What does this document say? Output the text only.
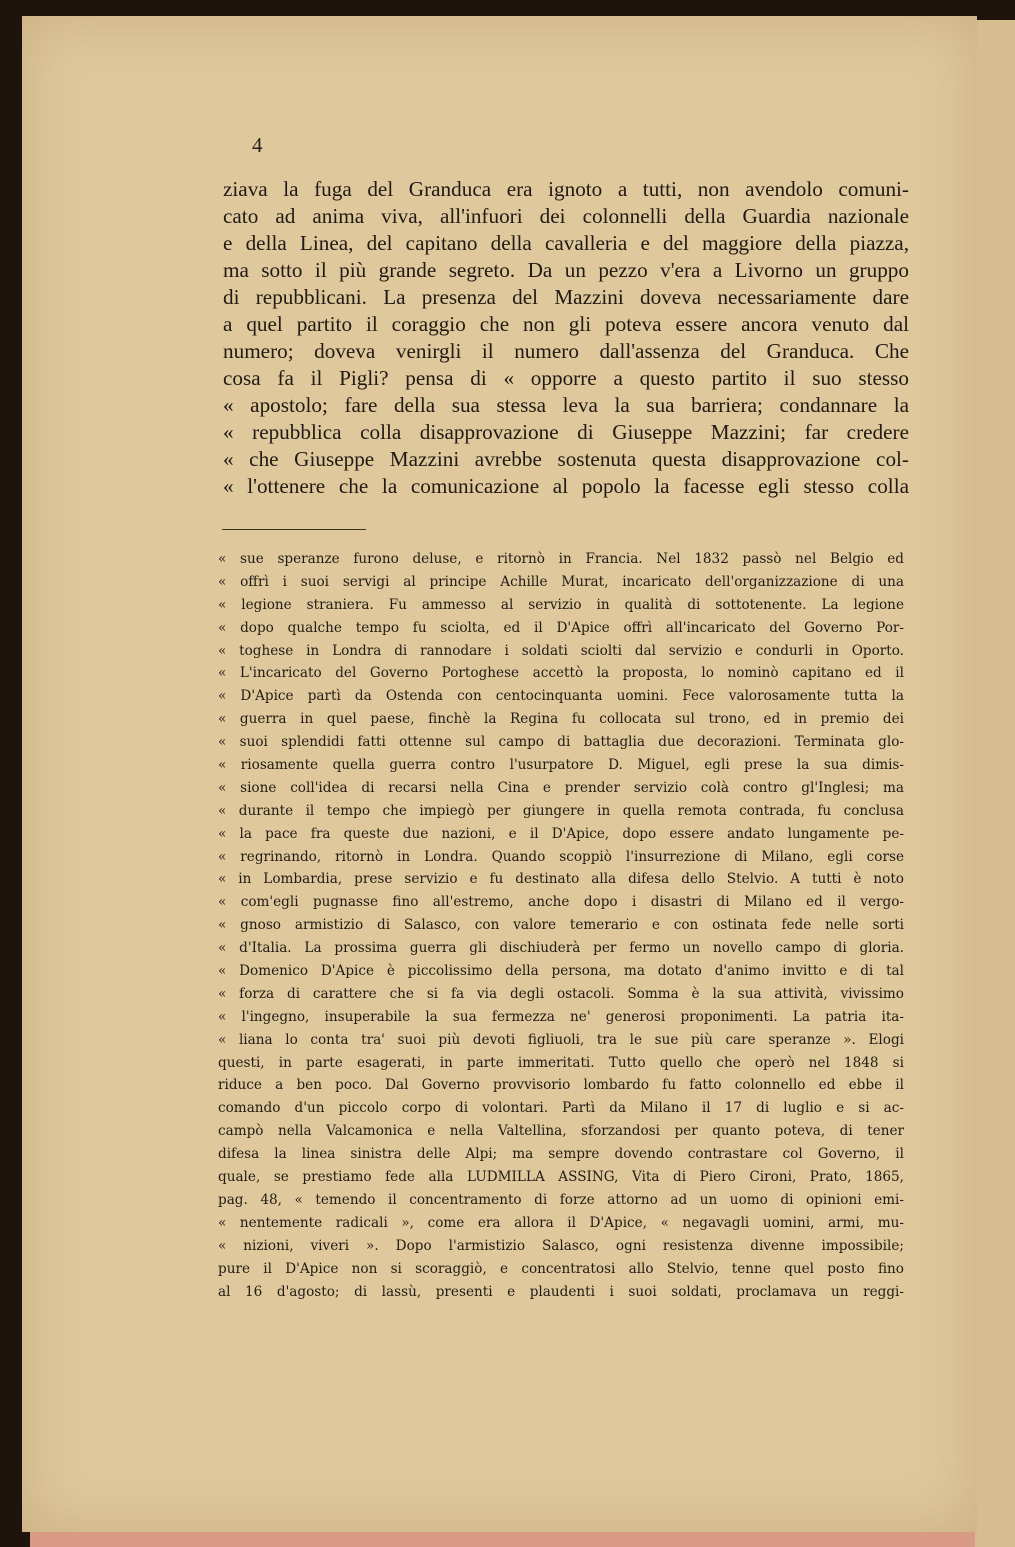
4
ziava la fuga del Granduca era ignoto a tutti, non avendolo comuni-
cato ad anima viva, all'infuori dei colonnelli della Guardia nazionale
e della Linea, del capitano della cavalleria e del maggiore della piazza,
ma sotto il più grande segreto. Da un pezzo v'era a Livorno un gruppo
di repubblicani. La presenza del Mazzini doveva necessariamente dare
a quel partito il coraggio che non gli poteva essere ancora venuto dal
numero; doveva venirgli il numero dall'assenza del Granduca. Che
cosa fa il Pigli? pensa di « opporre a questo partito il suo stesso
« apostolo; fare della sua stessa leva la sua barriera; condannare la
« repubblica colla disapprovazione di Giuseppe Mazzini; far credere
« che Giuseppe Mazzini avrebbe sostenuta questa disapprovazione col-
« l'ottenere che la comunicazione al popolo la facesse egli stesso colla
« sue speranze furono deluse, e ritornò in Francia. Nel 1832 passò nel Belgio ed
« offrì i suoi servigi al principe Achille Murat, incaricato dell'organizzazione di una
« legione straniera. Fu ammesso al servizio in qualità di sottotenente. La legione
« dopo qualche tempo fu sciolta, ed il D'Apice offrì all'incaricato del Governo Por-
« toghese in Londra di rannodare i soldati sciolti dal servizio e condurli in Oporto.
« L'incaricato del Governo Portoghese accettò la proposta, lo nominò capitano ed il
« D'Apice partì da Ostenda con centocinquanta uomini. Fece valorosamente tutta la
« guerra in quel paese, finchè la Regina fu collocata sul trono, ed in premio dei
« suoi splendidi fatti ottenne sul campo di battaglia due decorazioni. Terminata glo-
« riosamente quella guerra contro l'usurpatore D. Miguel, egli prese la sua dimis-
« sione coll'idea di recarsi nella Cina e prender servizio colà contro gl'Inglesi; ma
« durante il tempo che impiegò per giungere in quella remota contrada, fu conclusa
« la pace fra queste due nazioni, e il D'Apice, dopo essere andato lungamente pe-
« regrinando, ritornò in Londra. Quando scoppiò l'insurrezione di Milano, egli corse
« in Lombardia, prese servizio e fu destinato alla difesa dello Stelvio. A tutti è noto
« com'egli pugnasse fino all'estremo, anche dopo i disastri di Milano ed il vergo-
« gnoso armistizio di Salasco, con valore temerario e con ostinata fede nelle sorti
« d'Italia. La prossima guerra gli dischiuderà per fermo un novello campo di gloria.
« Domenico D'Apice è piccolissimo della persona, ma dotato d'animo invitto e di tal
« forza di carattere che si fa via degli ostacoli. Somma è la sua attività, vivissimo
« l'ingegno, insuperabile la sua fermezza ne' generosi proponimenti. La patria ita-
« liana lo conta tra' suoi più devoti figliuoli, tra le sue più care speranze ». Elogi
questi, in parte esagerati, in parte immeritati. Tutto quello che operò nel 1848 si
riduce a ben poco. Dal Governo provvisorio lombardo fu fatto colonnello ed ebbe il
comando d'un piccolo corpo di volontari. Partì da Milano il 17 di luglio e si ac-
campò nella Valcamonica e nella Valtellina, sforzandosi per quanto poteva, di tener
difesa la linea sinistra delle Alpi; ma sempre dovendo contrastare col Governo, il
quale, se prestiamo fede alla LUDMILLA ASSING, Vita di Piero Cironi, Prato, 1865,
pag. 48, « temendo il concentramento di forze attorno ad un uomo di opinioni emi-
« nentemente radicali », come era allora il D'Apice, « negavagli uomini, armi, mu-
« nizioni, viveri ». Dopo l'armistizio Salasco, ogni resistenza divenne impossibile;
pure il D'Apice non si scoraggiò, e concentratosi allo Stelvio, tenne quel posto fino
al 16 d'agosto; di lassù, presenti e plaudenti i suoi soldati, proclamava un reggi-
